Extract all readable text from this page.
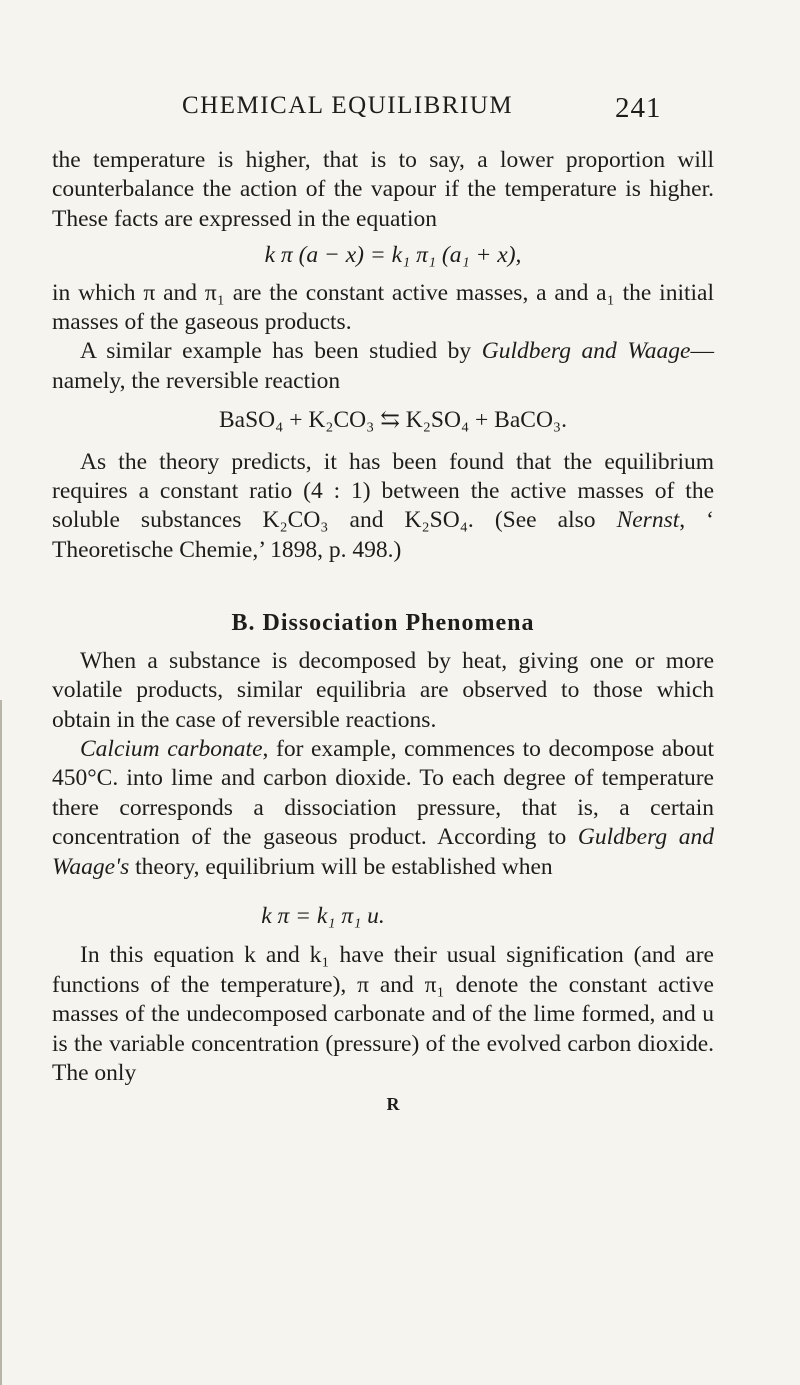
CHEMICAL EQUILIBRIUM	241

the temperature is higher, that is to say, a lower proportion will counterbalance the action of the vapour if the temperature is higher. These facts are expressed in the equation

k π (a − x) = k₁ π₁ (a₁ + x),

in which π and π₁ are the constant active masses, a and a₁ the initial masses of the gaseous products.

A similar example has been studied by Guldberg and Waage—namely, the reversible reaction

BaSO₄ + K₂CO₃ ⇆ K₂SO₄ + BaCO₃.

As the theory predicts, it has been found that the equilibrium requires a constant ratio (4 : 1) between the active masses of the soluble substances K₂CO₃ and K₂SO₄. (See also Nernst, ‘ Theoretische Chemie,’ 1898, p. 498.)

B. Dissociation Phenomena

When a substance is decomposed by heat, giving one or more volatile products, similar equilibria are observed to those which obtain in the case of reversible reactions.

Calcium carbonate, for example, commences to decompose about 450°C. into lime and carbon dioxide. To each degree of temperature there corresponds a dissociation pressure, that is, a certain concentration of the gaseous product. According to Guldberg and Waage's theory, equilibrium will be established when

k π = k₁ π₁ u.

In this equation k and k₁ have their usual signification (and are functions of the temperature), π and π₁ denote the constant active masses of the undecomposed carbonate and of the lime formed, and u is the variable concentration (pressure) of the evolved carbon dioxide. The only

R
